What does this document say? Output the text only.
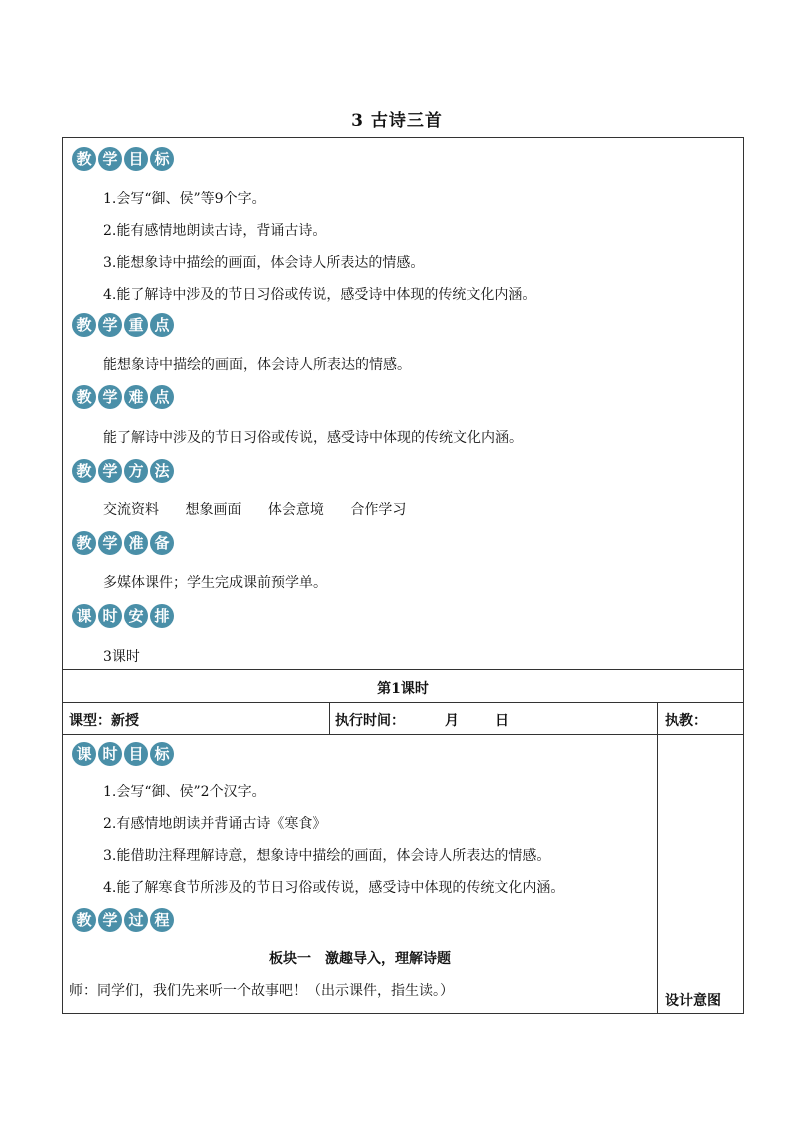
3 古诗三首
教 学 目 标
1.会写“御、侯”等9个字。
2.能有感情地朗读古诗，背诵古诗。
3.能想象诗中描绘的画面，体会诗人所表达的情感。
4.能了解诗中涉及的节日习俗或传说，感受诗中体现的传统文化内涵。
教 学 重 点
能想象诗中描绘的画面，体会诗人所表达的情感。
教 学 难 点
能了解诗中涉及的节日习俗或传说，感受诗中体现的传统文化内涵。
教 学 方 法
交流资料 想象画面 体会意境 合作学习
教 学 准 备
多媒体课件；学生完成课前预学单。
课 时 安 排
3课时
第1课时
课型：新授	执行时间：	月	日	执教：
课 时 目 标
1.会写“御、侯”2个汉字。
2.有感情地朗读并背诵古诗《寒食》
3.能借助注释理解诗意，想象诗中描绘的画面，体会诗人所表达的情感。
4.能了解寒食节所涉及的节日习俗或传说，感受诗中体现的传统文化内涵。
教 学 过 程
板块一　激趣导入，理解诗题
师：同学们，我们先来听一个故事吧！（出示课件，指生读。）
设计意图
